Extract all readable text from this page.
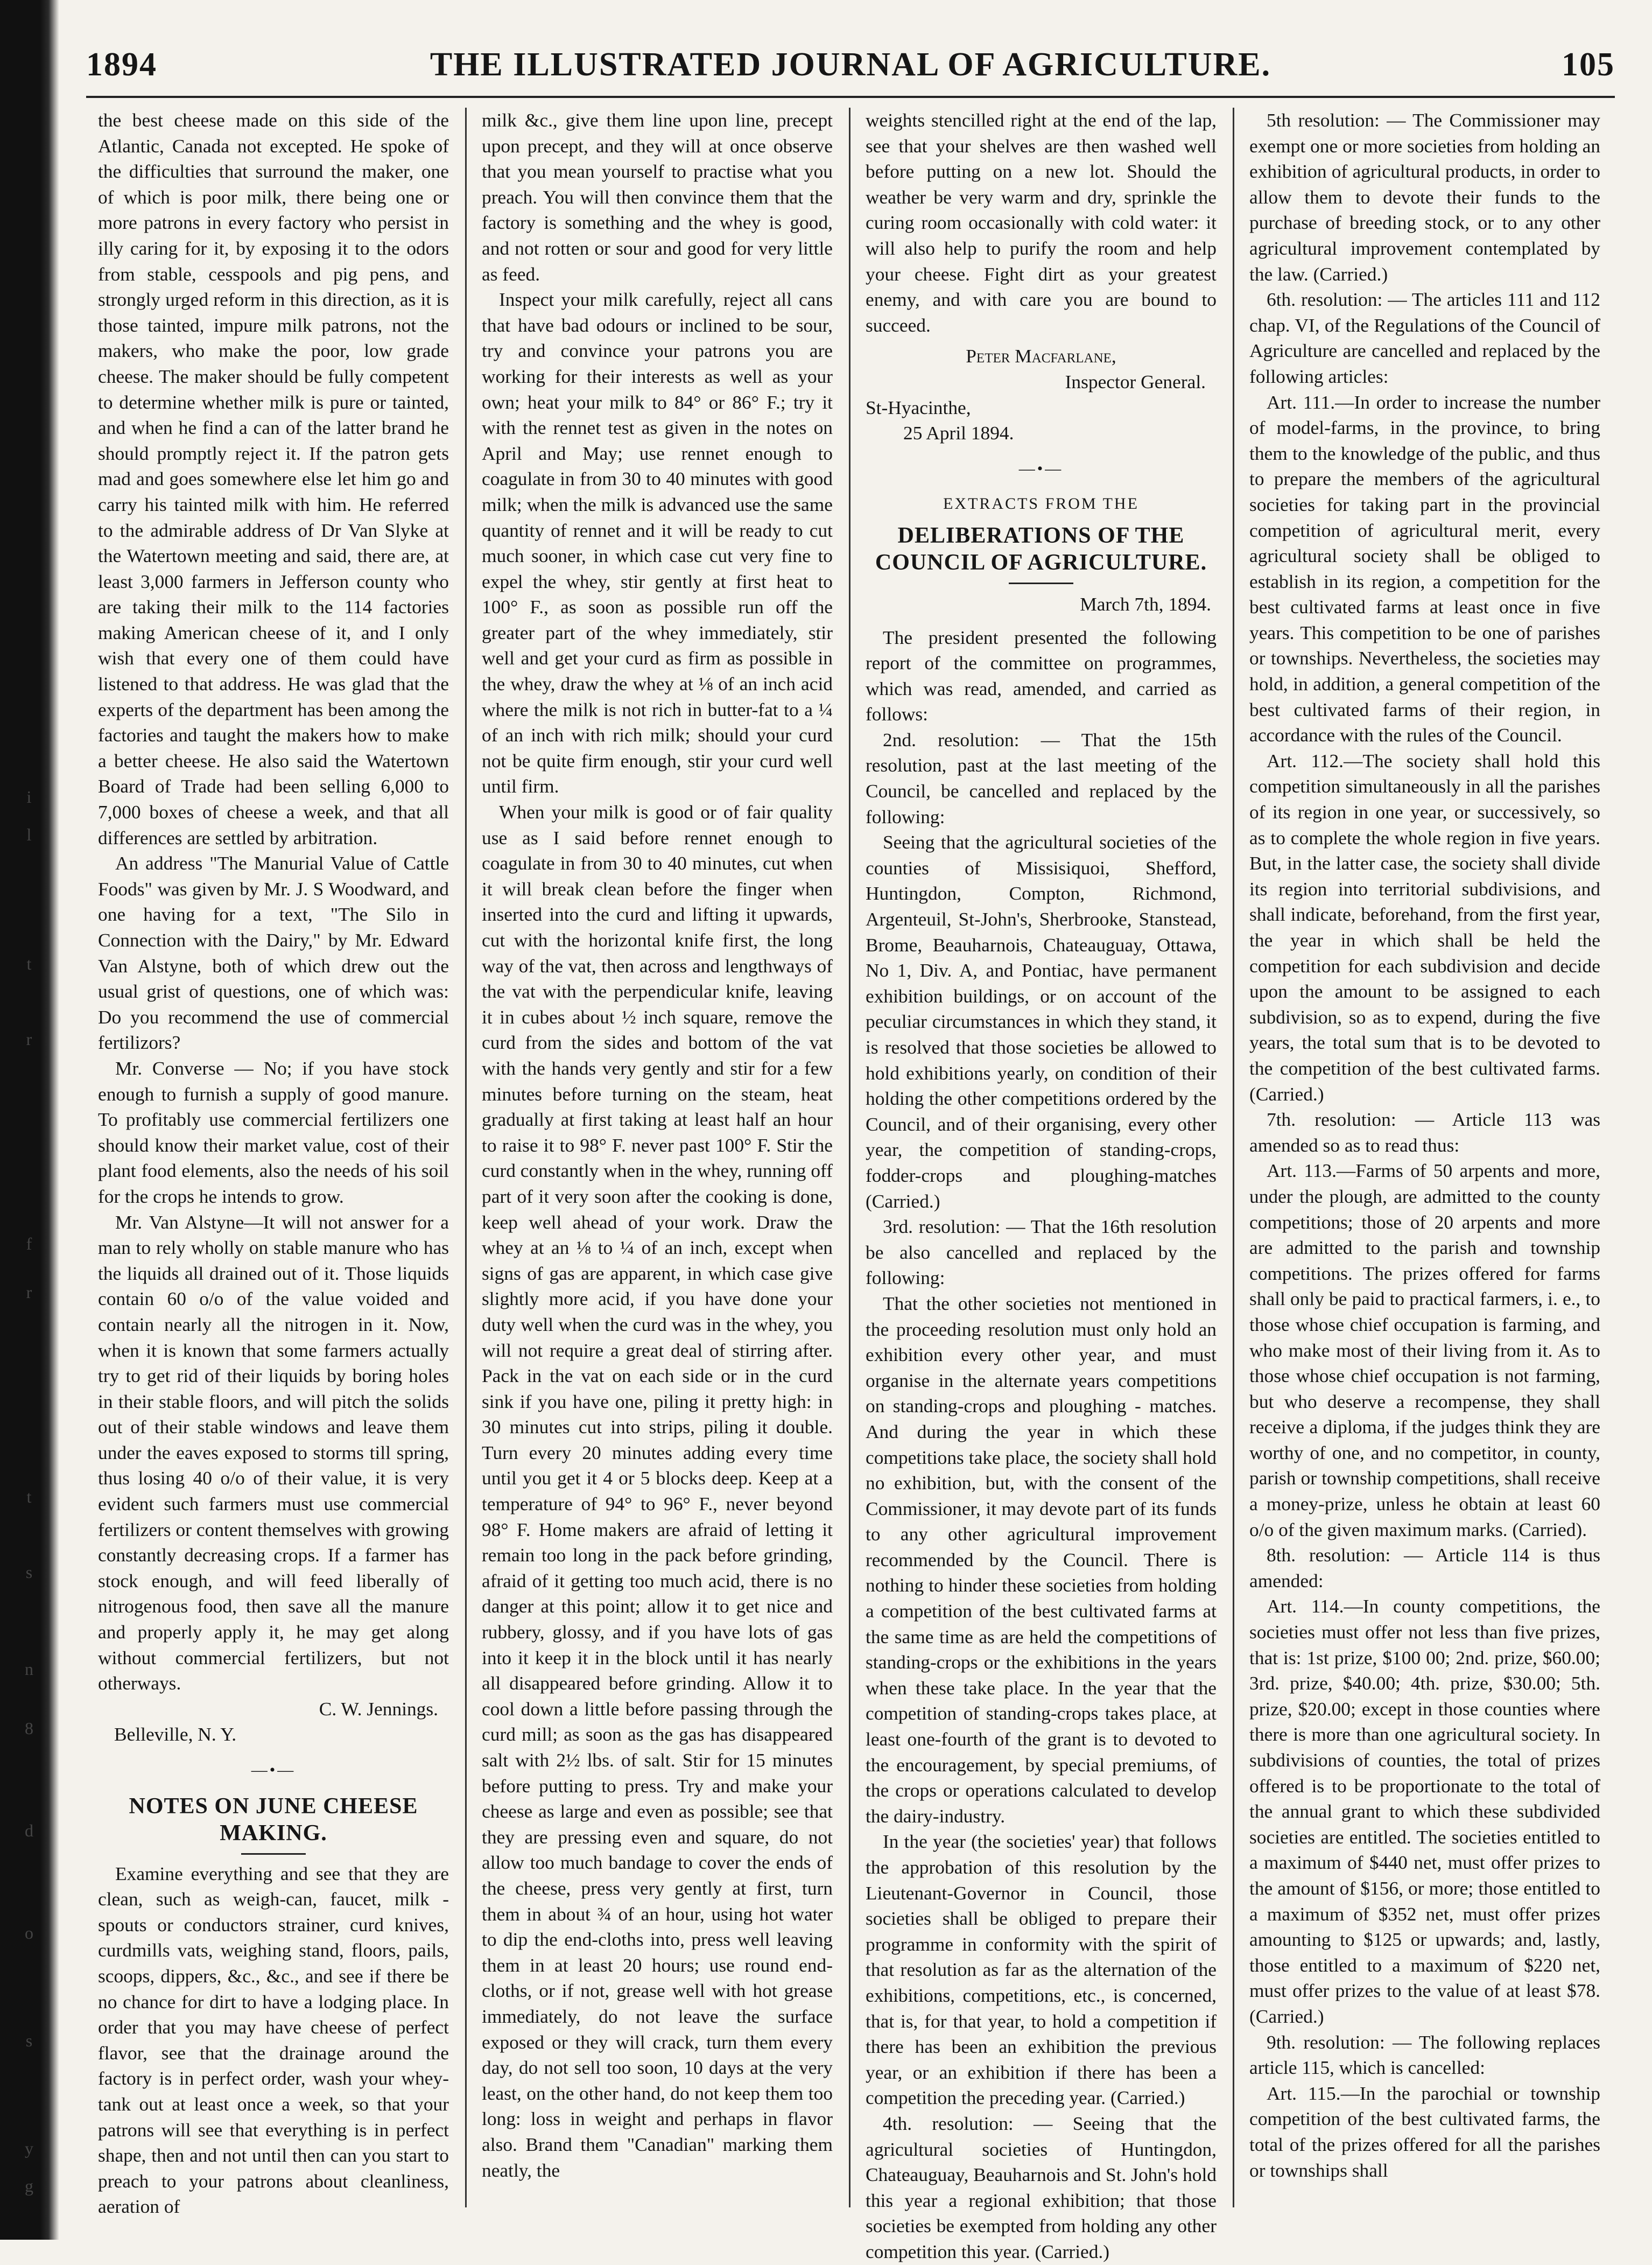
i
l
t
r
f
r
t
s
n
8
d
o
s
y
g
1894	THE ILLUSTRATED JOURNAL OF AGRICULTURE.	105

the best cheese made on this side of the Atlantic, Canada not excepted. He spoke of the difficulties that surround the maker, one of which is poor milk, there being one or more patrons in every factory who persist in illy caring for it, by exposing it to the odors from stable, cesspools and pig pens, and strongly urged reform in this direction, as it is those tainted, impure milk patrons, not the makers, who make the poor, low grade cheese. The maker should be fully competent to determine whether milk is pure or tainted, and when he find a can of the latter brand he should promptly reject it. If the patron gets mad and goes somewhere else let him go and carry his tainted milk with him. He referred to the admirable address of Dr Van Slyke at the Watertown meeting and said, there are, at least 3,000 farmers in Jefferson county who are taking their milk to the 114 factories making American cheese of it, and I only wish that every one of them could have listened to that address. He was glad that the experts of the department has been among the factories and taught the makers how to make a better cheese. He also said the Watertown Board of Trade had been selling 6,000 to 7,000 boxes of cheese a week, and that all differences are settled by arbitration.

An address "The Manurial Value of Cattle Foods" was given by Mr. J. S Woodward, and one having for a text, "The Silo in Connection with the Dairy," by Mr. Edward Van Alstyne, both of which drew out the usual grist of questions, one of which was: Do you recommend the use of commercial fertilizors?

Mr. Converse — No; if you have stock enough to furnish a supply of good manure. To profitably use commercial fertilizers one should know their market value, cost of their plant food elements, also the needs of his soil for the crops he intends to grow.

Mr. Van Alstyne—It will not answer for a man to rely wholly on stable manure who has the liquids all drained out of it. Those liquids contain 60 o/o of the value voided and contain nearly all the nitrogen in it. Now, when it is known that some farmers actually try to get rid of their liquids by boring holes in their stable floors, and will pitch the solids out of their stable windows and leave them under the eaves exposed to storms till spring, thus losing 40 o/o of their value, it is very evident such farmers must use commercial fertilizers or content themselves with growing constantly decreasing crops. If a farmer has stock enough, and will feed liberally of nitrogenous food, then save all the manure and properly apply it, he may get along without commercial fertilizers, but not otherways.

C. W. Jennings.
Belleville, N. Y.
—•—
NOTES ON JUNE CHEESE MAKING.

Examine everything and see that they are clean, such as weigh-can, faucet, milk - spouts or conductors strainer, curd knives, curdmills vats, weighing stand, floors, pails, scoops, dippers, &c., &c., and see if there be no chance for dirt to have a lodging place. In order that you may have cheese of perfect flavor, see that the drainage around the factory is in perfect order, wash your whey-tank out at least once a week, so that your patrons will see that everything is in perfect shape, then and not until then can you start to preach to your patrons about cleanliness, aeration of

milk &c., give them line upon line, precept upon precept, and they will at once observe that you mean yourself to practise what you preach. You will then convince them that the factory is something and the whey is good, and not rotten or sour and good for very little as feed.

Inspect your milk carefully, reject all cans that have bad odours or inclined to be sour, try and convince your patrons you are working for their interests as well as your own; heat your milk to 84° or 86° F.; try it with the rennet test as given in the notes on April and May; use rennet enough to coagulate in from 30 to 40 minutes with good milk; when the milk is advanced use the same quantity of rennet and it will be ready to cut much sooner, in which case cut very fine to expel the whey, stir gently at first heat to 100° F., as soon as possible run off the greater part of the whey immediately, stir well and get your curd as firm as possible in the whey, draw the whey at ⅛ of an inch acid where the milk is not rich in butter-fat to a ¼ of an inch with rich milk; should your curd not be quite firm enough, stir your curd well until firm.

When your milk is good or of fair quality use as I said before rennet enough to coagulate in from 30 to 40 minutes, cut when it will break clean before the finger when inserted into the curd and lifting it upwards, cut with the horizontal knife first, the long way of the vat, then across and lengthways of the vat with the perpendicular knife, leaving it in cubes about ½ inch square, remove the curd from the sides and bottom of the vat with the hands very gently and stir for a few minutes before turning on the steam, heat gradually at first taking at least half an hour to raise it to 98° F. never past 100° F. Stir the curd constantly when in the whey, running off part of it very soon after the cooking is done, keep well ahead of your work. Draw the whey at an ⅛ to ¼ of an inch, except when signs of gas are apparent, in which case give slightly more acid, if you have done your duty well when the curd was in the whey, you will not require a great deal of stirring after. Pack in the vat on each side or in the curd sink if you have one, piling it pretty high: in 30 minutes cut into strips, piling it double. Turn every 20 minutes adding every time until you get it 4 or 5 blocks deep. Keep at a temperature of 94° to 96° F., never beyond 98° F. Home makers are afraid of letting it remain too long in the pack before grinding, afraid of it getting too much acid, there is no danger at this point; allow it to get nice and rubbery, glossy, and if you have lots of gas into it keep it in the block until it has nearly all disappeared before grinding. Allow it to cool down a little before passing through the curd mill; as soon as the gas has disappeared salt with 2½ lbs. of salt. Stir for 15 minutes before putting to press. Try and make your cheese as large and even as possible; see that they are pressing even and square, do not allow too much bandage to cover the ends of the cheese, press very gently at first, turn them in about ¾ of an hour, using hot water to dip the end-cloths into, press well leaving them in at least 20 hours; use round end-cloths, or if not, grease well with hot grease immediately, do not leave the surface exposed or they will crack, turn them every day, do not sell too soon, 10 days at the very least, on the other hand, do not keep them too long: loss in weight and perhaps in flavor also. Brand them "Canadian" marking them neatly, the

weights stencilled right at the end of the lap, see that your shelves are then washed well before putting on a new lot. Should the weather be very warm and dry, sprinkle the curing room occasionally with cold water: it will also help to purify the room and help your cheese. Fight dirt as your greatest enemy, and with care you are bound to succeed.

Peter Macfarlane,
Inspector General.
St-Hyacinthe,
25 April 1894.
—•—
EXTRACTS FROM THE
DELIBERATIONS OF THE COUNCIL OF AGRICULTURE.
March 7th, 1894.

The president presented the following report of the committee on programmes, which was read, amended, and carried as follows:

2nd. resolution: — That the 15th resolution, past at the last meeting of the Council, be cancelled and replaced by the following:

Seeing that the agricultural societies of the counties of Missisiquoi, Shefford, Huntingdon, Compton, Richmond, Argenteuil, St-John's, Sherbrooke, Stanstead, Brome, Beauharnois, Chateauguay, Ottawa, No 1, Div. A, and Pontiac, have permanent exhibition buildings, or on account of the peculiar circumstances in which they stand, it is resolved that those societies be allowed to hold exhibitions yearly, on condition of their holding the other competitions ordered by the Council, and of their organising, every other year, the competition of standing-crops, fodder-crops and ploughing-matches (Carried.)

3rd. resolution: — That the 16th resolution be also cancelled and replaced by the following:

That the other societies not mentioned in the proceeding resolution must only hold an exhibition every other year, and must organise in the alternate years competitions on standing-crops and ploughing - matches. And during the year in which these competitions take place, the society shall hold no exhibition, but, with the consent of the Commissioner, it may devote part of its funds to any other agricultural improvement recommended by the Council. There is nothing to hinder these societies from holding a competition of the best cultivated farms at the same time as are held the competitions of standing-crops or the exhibitions in the years when these take place. In the year that the competition of standing-crops takes place, at least one-fourth of the grant is to devoted to the encouragement, by special premiums, of the crops or operations calculated to develop the dairy-industry.

In the year (the societies' year) that follows the approbation of this resolution by the Lieutenant-Governor in Council, those societies shall be obliged to prepare their programme in conformity with the spirit of that resolution as far as the alternation of the exhibitions, competitions, etc., is concerned, that is, for that year, to hold a competition if there has been an exhibition the previous year, or an exhibition if there has been a competition the preceding year. (Carried.)

4th. resolution: — Seeing that the agricultural societies of Huntingdon, Chateauguay, Beauharnois and St. John's hold this year a regional exhibition; that those societies be exempted from holding any other competition this year. (Carried.)

5th resolution: — The Commissioner may exempt one or more societies from holding an exhibition of agricultural products, in order to allow them to devote their funds to the purchase of breeding stock, or to any other agricultural improvement contemplated by the law. (Carried.)

6th. resolution: — The articles 111 and 112 chap. VI, of the Regulations of the Council of Agriculture are cancelled and replaced by the following articles:

Art. 111.—In order to increase the number of model-farms, in the province, to bring them to the knowledge of the public, and thus to prepare the members of the agricultural societies for taking part in the provincial competition of agricultural merit, every agricultural society shall be obliged to establish in its region, a competition for the best cultivated farms at least once in five years. This competition to be one of parishes or townships. Nevertheless, the societies may hold, in addition, a general competition of the best cultivated farms of their region, in accordance with the rules of the Council.

Art. 112.—The society shall hold this competition simultaneously in all the parishes of its region in one year, or successively, so as to complete the whole region in five years. But, in the latter case, the society shall divide its region into territorial subdivisions, and shall indicate, beforehand, from the first year, the year in which shall be held the competition for each subdivision and decide upon the amount to be assigned to each subdivision, so as to expend, during the five years, the total sum that is to be devoted to the competition of the best cultivated farms. (Carried.)

7th. resolution: — Article 113 was amended so as to read thus:

Art. 113.—Farms of 50 arpents and more, under the plough, are admitted to the county competitions; those of 20 arpents and more are admitted to the parish and township competitions. The prizes offered for farms shall only be paid to practical farmers, i. e., to those whose chief occupation is farming, and who make most of their living from it. As to those whose chief occupation is not farming, but who deserve a recompense, they shall receive a diploma, if the judges think they are worthy of one, and no competitor, in county, parish or township competitions, shall receive a money-prize, unless he obtain at least 60 o/o of the given maximum marks. (Carried).

8th. resolution: — Article 114 is thus amended:

Art. 114.—In county competitions, the societies must offer not less than five prizes, that is: 1st prize, $100 00; 2nd. prize, $60.00; 3rd. prize, $40.00; 4th. prize, $30.00; 5th. prize, $20.00; except in those counties where there is more than one agricultural society. In subdivisions of counties, the total of prizes offered is to be proportionate to the total of the annual grant to which these subdivided societies are entitled. The societies entitled to a maximum of $440 net, must offer prizes to the amount of $156, or more; those entitled to a maximum of $352 net, must offer prizes amounting to $125 or upwards; and, lastly, those entitled to a maximum of $220 net, must offer prizes to the value of at least $78. (Carried.)

9th. resolution: — The following replaces article 115, which is cancelled:

Art. 115.—In the parochial or township competition of the best cultivated farms, the total of the prizes offered for all the parishes or townships shall
